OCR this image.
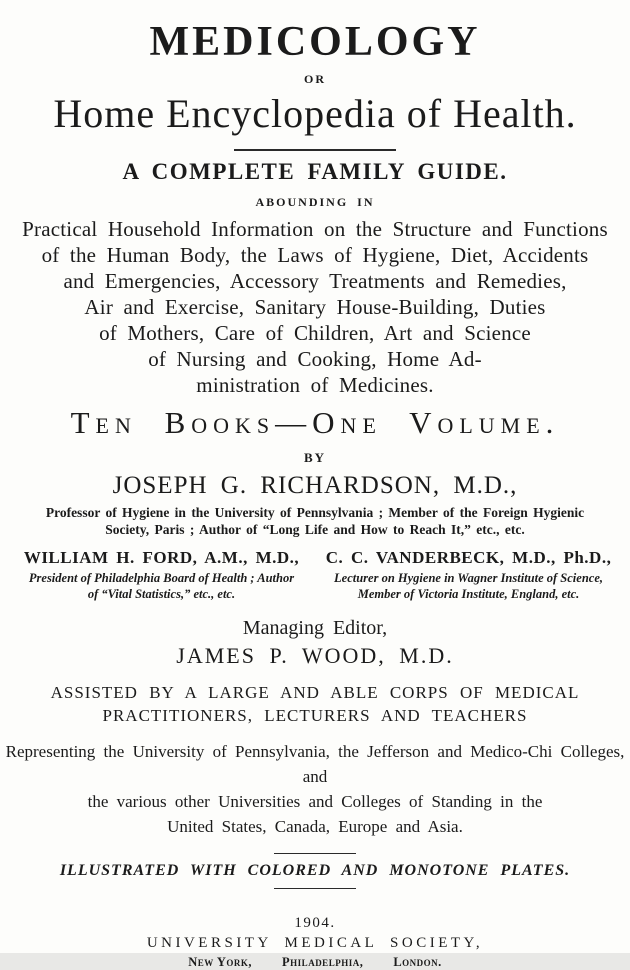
MEDICOLOGY
OR
Home Encyclopedia of Health.
A COMPLETE FAMILY GUIDE.
ABOUNDING IN
Practical Household Information on the Structure and Functions
of the Human Body, the Laws of Hygiene, Diet, Accidents
and Emergencies, Accessory Treatments and Remedies,
Air and Exercise, Sanitary House-Building, Duties
of Mothers, Care of Children, Art and Science
of Nursing and Cooking, Home Ad-
ministration of Medicines.
Ten Books—One Volume.
BY
JOSEPH G. RICHARDSON, M.D.,
Professor of Hygiene in the University of Pennsylvania ; Member of the Foreign Hygienic
Society, Paris ; Author of “Long Life and How to Reach It,” etc., etc.
WILLIAM H. FORD, A.M., M.D.,
President of Philadelphia Board of Health ; Author
of “Vital Statistics,” etc., etc.
C. C. VANDERBECK, M.D., Ph.D.,
Lecturer on Hygiene in Wagner Institute of Science,
Member of Victoria Institute, England, etc.
Managing Editor,
JAMES P. WOOD, M.D.
ASSISTED BY A LARGE AND ABLE CORPS OF MEDICAL
PRACTITIONERS, LECTURERS AND TEACHERS
Representing the University of Pennsylvania, the Jefferson and Medico-Chi Colleges, and
the various other Universities and Colleges of Standing in the
United States, Canada, Europe and Asia.
ILLUSTRATED WITH COLORED AND MONOTONE PLATES.
1904.
UNIVERSITY MEDICAL SOCIETY,
New York, Philadelphia, London.
